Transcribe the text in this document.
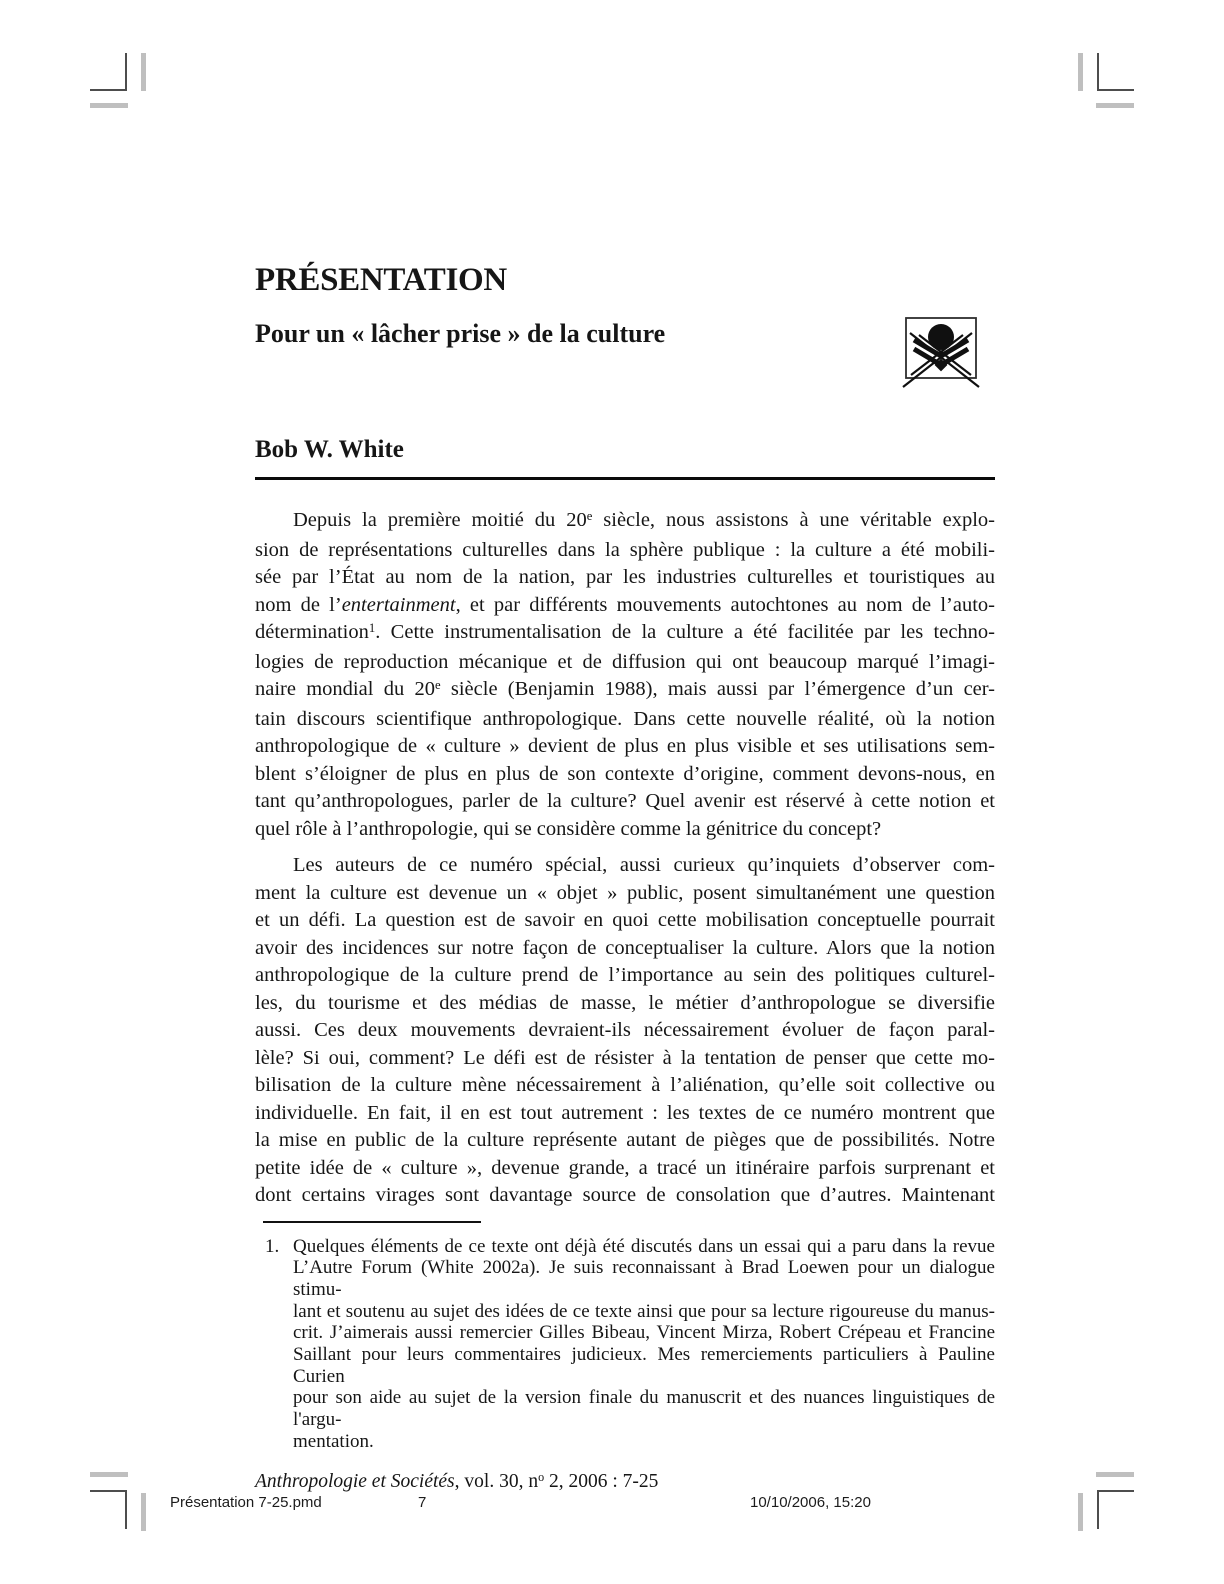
PRÉSENTATION
Pour un « lâcher prise » de la culture
Bob W. White
Depuis la première moitié du 20e siècle, nous assistons à une véritable explo-
sion de représentations culturelles dans la sphère publique : la culture a été mobili-
sée par l’État au nom de la nation, par les industries culturelles et touristiques au
nom de l’entertainment, et par différents mouvements autochtones au nom de l’auto-
détermination$^1$. Cette instrumentalisation de la culture a été facilitée par les techno-
logies de reproduction mécanique et de diffusion qui ont beaucoup marqué l’imagi-
naire mondial du 20e siècle (Benjamin 1988), mais aussi par l’émergence d’un cer-
tain discours scientifique anthropologique. Dans cette nouvelle réalité, où la notion
anthropologique de « culture » devient de plus en plus visible et ses utilisations sem-
blent s’éloigner de plus en plus de son contexte d’origine, comment devons-nous, en
tant qu’anthropologues, parler de la culture? Quel avenir est réservé à cette notion et
quel rôle à l’anthropologie, qui se considère comme la génitrice du concept?
Les auteurs de ce numéro spécial, aussi curieux qu’inquiets d’observer com-
ment la culture est devenue un « objet » public, posent simultanément une question
et un défi. La question est de savoir en quoi cette mobilisation conceptuelle pourrait
avoir des incidences sur notre façon de conceptualiser la culture. Alors que la notion
anthropologique de la culture prend de l’importance au sein des politiques culturel-
les, du tourisme et des médias de masse, le métier d’anthropologue se diversifie
aussi. Ces deux mouvements devraient-ils nécessairement évoluer de façon paral-
lèle? Si oui, comment? Le défi est de résister à la tentation de penser que cette mo-
bilisation de la culture mène nécessairement à l’aliénation, qu’elle soit collective ou
individuelle. En fait, il en est tout autrement : les textes de ce numéro montrent que
la mise en public de la culture représente autant de pièges que de possibilités. Notre
petite idée de « culture », devenue grande, a tracé un itinéraire parfois surprenant et
dont certains virages sont davantage source de consolation que d’autres. Maintenant
1. Quelques éléments de ce texte ont déjà été discutés dans un essai qui a paru dans la revue
L’Autre Forum (White 2002a). Je suis reconnaissant à Brad Loewen pour un dialogue stimu-
lant et soutenu au sujet des idées de ce texte ainsi que pour sa lecture rigoureuse du manus-
crit. J’aimerais aussi remercier Gilles Bibeau, Vincent Mirza, Robert Crépeau et Francine
Saillant pour leurs commentaires judicieux. Mes remerciements particuliers à Pauline Curien
pour son aide au sujet de la version finale du manuscrit et des nuances linguistiques de l'argu-
mentation.
Anthropologie et Sociétés, vol. 30, $n^o$ 2, 2006 : 7-25
Présentation 7-25.pmd	7	10/10/2006, 15:20
